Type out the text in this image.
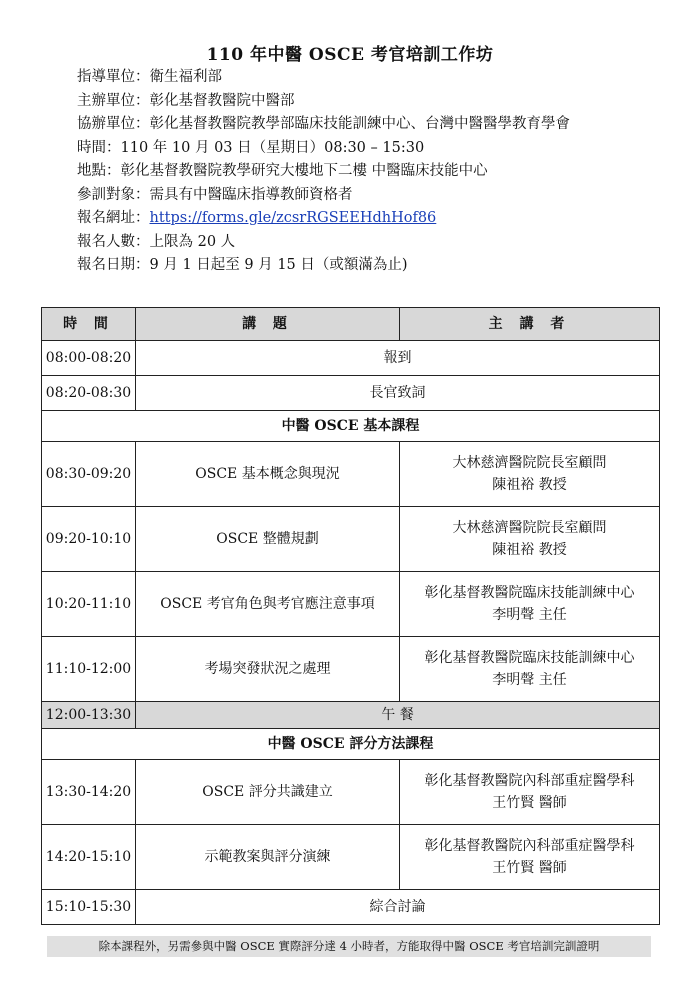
110 年中醫 OSCE 考官培訓工作坊
指導單位：衛生福利部
主辦單位：彰化基督教醫院中醫部
協辦單位：彰化基督教醫院教學部臨床技能訓練中心、台灣中醫醫學教育學會
時間：110 年 10 月 03 日（星期日）08:30 – 15:30
地點：彰化基督教醫院教學研究大樓地下二樓 中醫臨床技能中心
參訓對象：需具有中醫臨床指導教師資格者
報名網址：https://forms.gle/zcsrRGSEEHdhHof86
報名人數：上限為 20 人
報名日期：9 月 1 日起至 9 月 15 日（或額滿為止)
時 間	講 題	主 講 者
08:00-08:20	報到	
08:20-08:30	長官致詞	
中醫 OSCE 基本課程		
08:30-09:20	OSCE 基本概念與現況	大林慈濟醫院院長室顧問
陳祖裕 教授

09:20-10:10	OSCE 整體規劃	大林慈濟醫院院長室顧問
陳祖裕 教授

10:20-11:10	OSCE 考官角色與考官應注意事項	彰化基督教醫院臨床技能訓練中心
李明聲 主任

11:10-12:00	考場突發狀況之處理	彰化基督教醫院臨床技能訓練中心
李明聲 主任

12:00-13:30	午 餐	
中醫 OSCE 評分方法課程		
13:30-14:20	OSCE 評分共識建立	彰化基督教醫院內科部重症醫學科
王竹賢 醫師

14:20-15:10	示範教案與評分演練	彰化基督教醫院內科部重症醫學科
王竹賢 醫師

15:10-15:30	綜合討論	
除本課程外，另需參與中醫 OSCE 實際評分達 4 小時者，方能取得中醫 OSCE 考官培訓完訓證明
